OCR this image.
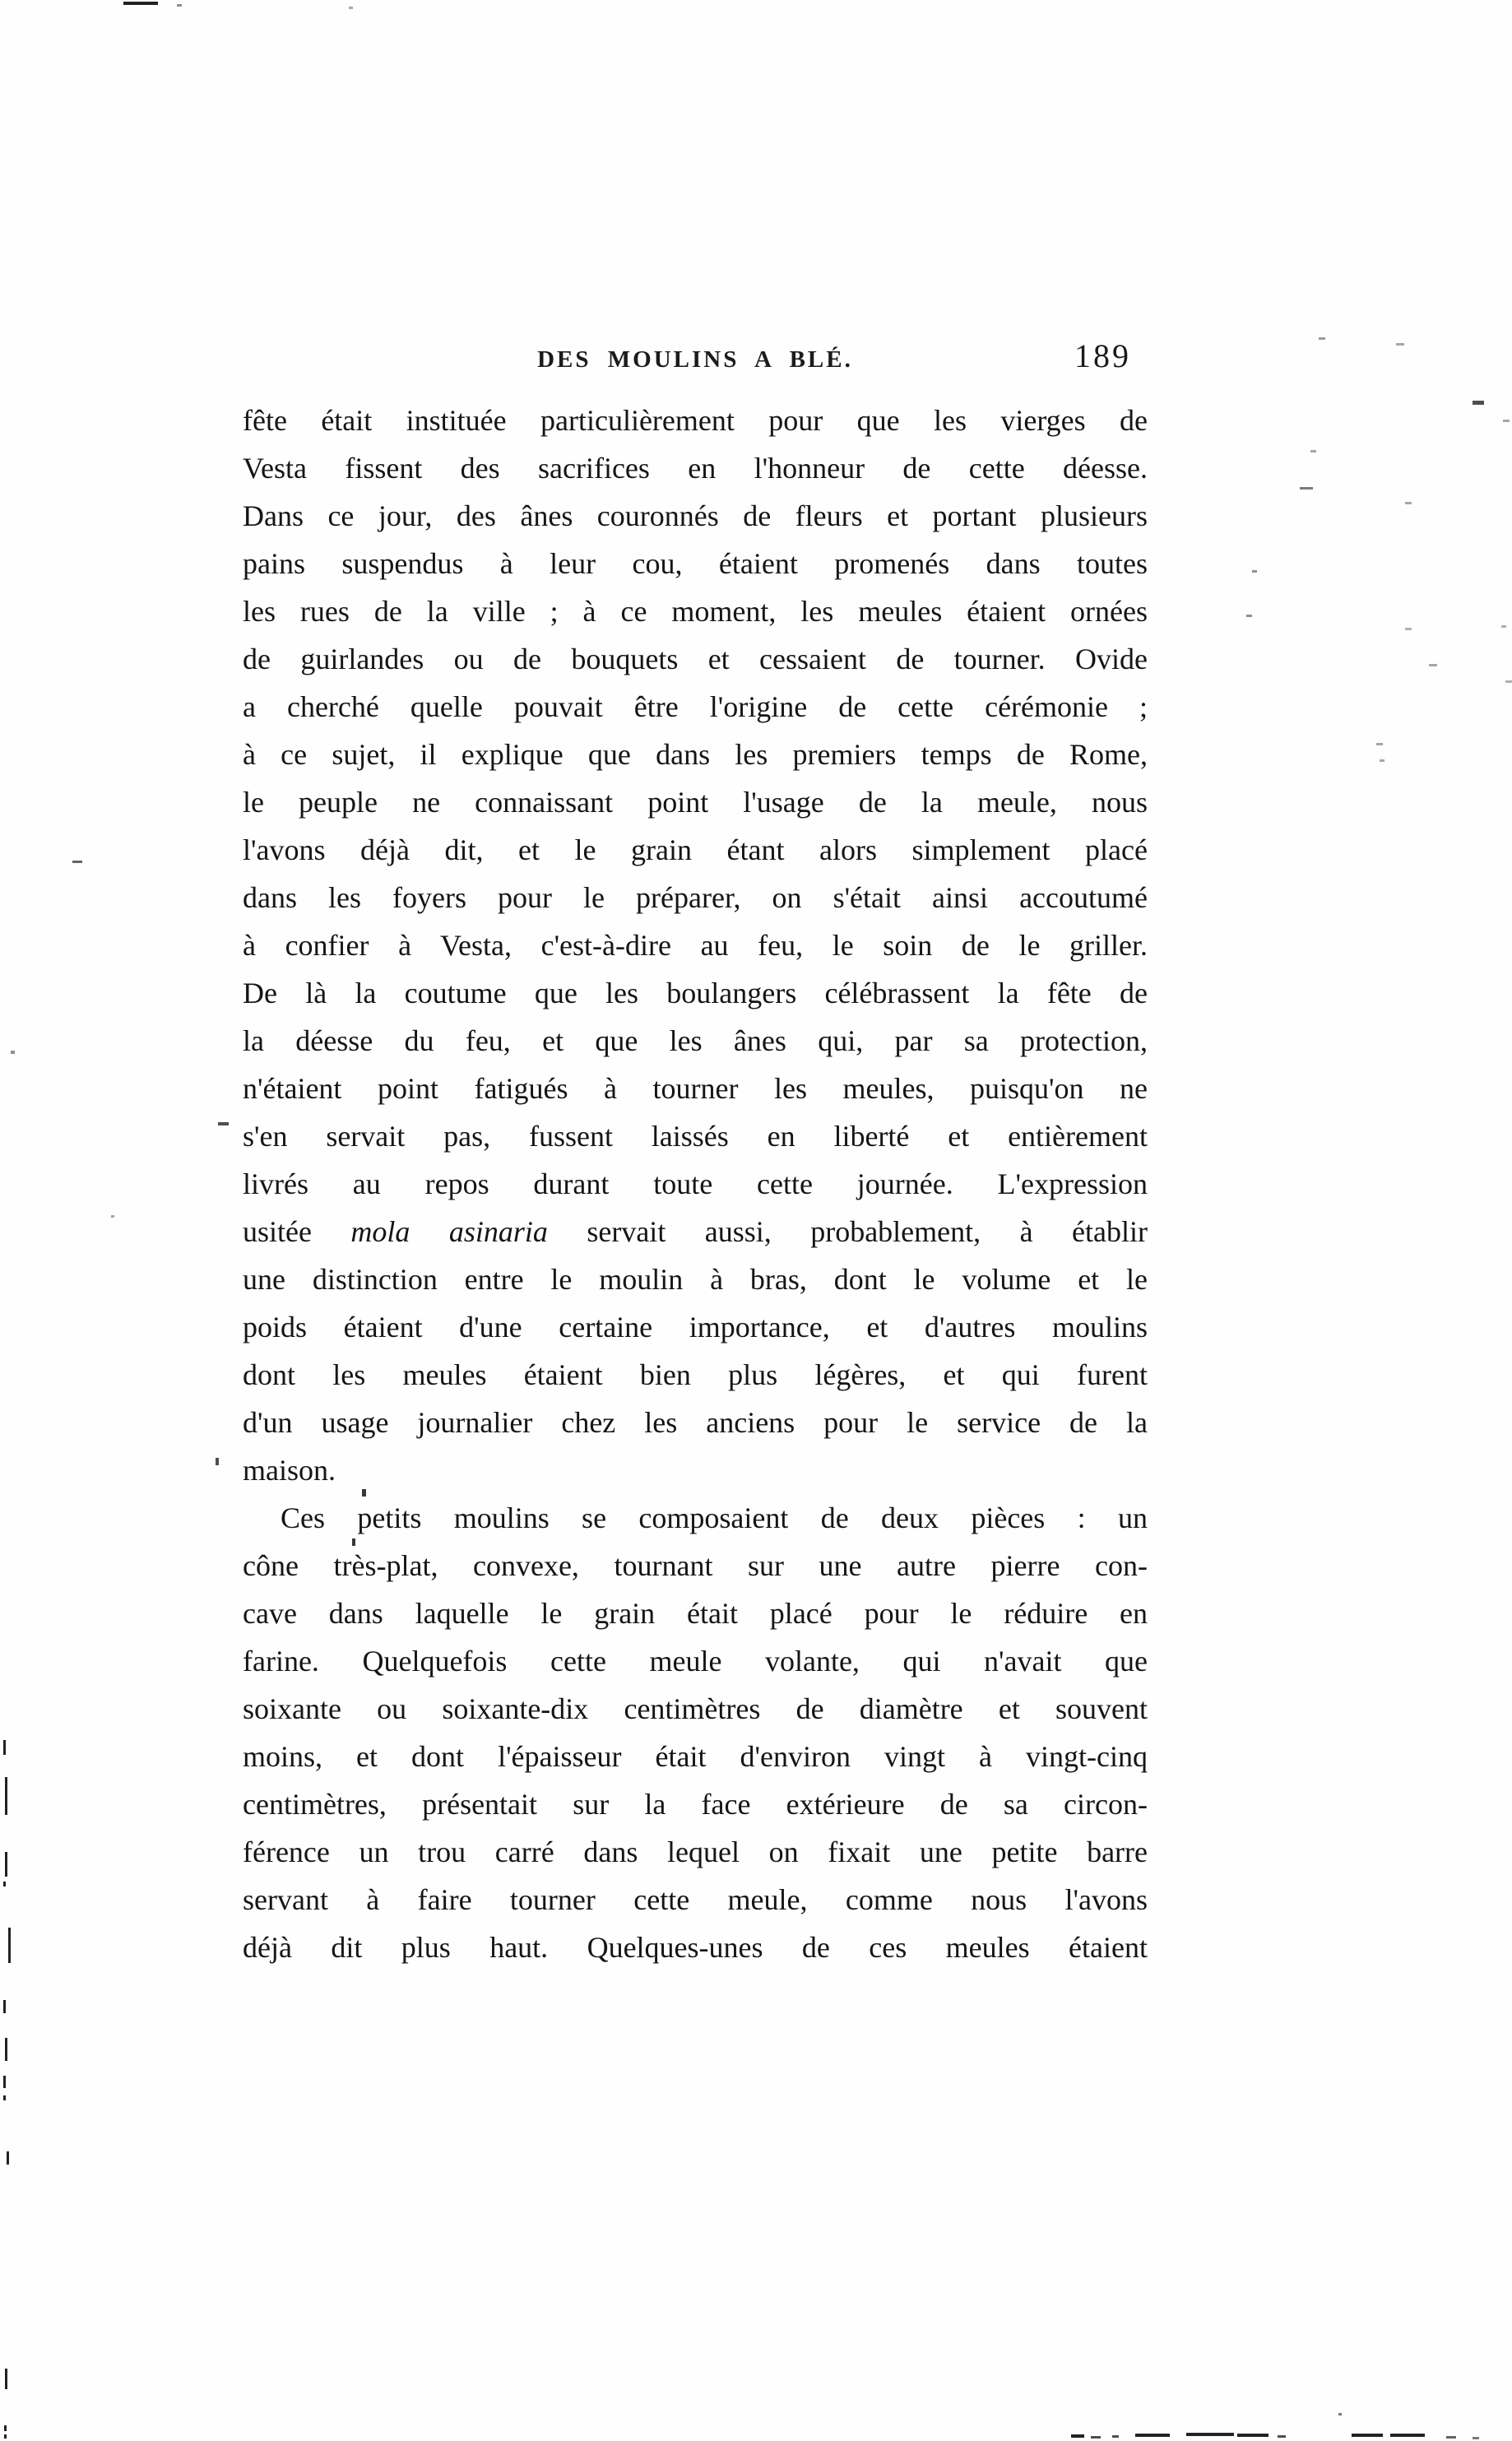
DES MOULINS A BLÉ.	189
fête était instituée particulièrement pour que les vierges de
Vesta fissent des sacrifices en l'honneur de cette déesse.
Dans ce jour, des ânes couronnés de fleurs et portant plusieurs
pains suspendus à leur cou, étaient promenés dans toutes
les rues de la ville ; à ce moment, les meules étaient ornées
de guirlandes ou de bouquets et cessaient de tourner. Ovide
a cherché quelle pouvait être l'origine de cette cérémonie ;
à ce sujet, il explique que dans les premiers temps de Rome,
le peuple ne connaissant point l'usage de la meule, nous
l'avons déjà dit, et le grain étant alors simplement placé
dans les foyers pour le préparer, on s'était ainsi accoutumé
à confier à Vesta, c'est-à-dire au feu, le soin de le griller.
De là la coutume que les boulangers célébrassent la fête de
la déesse du feu, et que les ânes qui, par sa protection,
n'étaient point fatigués à tourner les meules, puisqu'on ne
s'en servait pas, fussent laissés en liberté et entièrement
livrés au repos durant toute cette journée. L'expression
usitée mola asinaria servait aussi, probablement, à établir
une distinction entre le moulin à bras, dont le volume et le
poids étaient d'une certaine importance, et d'autres moulins
dont les meules étaient bien plus légères, et qui furent
d'un usage journalier chez les anciens pour le service de la
maison.
Ces petits moulins se composaient de deux pièces : un
cône très-plat, convexe, tournant sur une autre pierre con-
cave dans laquelle le grain était placé pour le réduire en
farine. Quelquefois cette meule volante, qui n'avait que
soixante ou soixante-dix centimètres de diamètre et souvent
moins, et dont l'épaisseur était d'environ vingt à vingt-cinq
centimètres, présentait sur la face extérieure de sa circon-
férence un trou carré dans lequel on fixait une petite barre
servant à faire tourner cette meule, comme nous l'avons
déjà dit plus haut. Quelques-unes de ces meules étaient
